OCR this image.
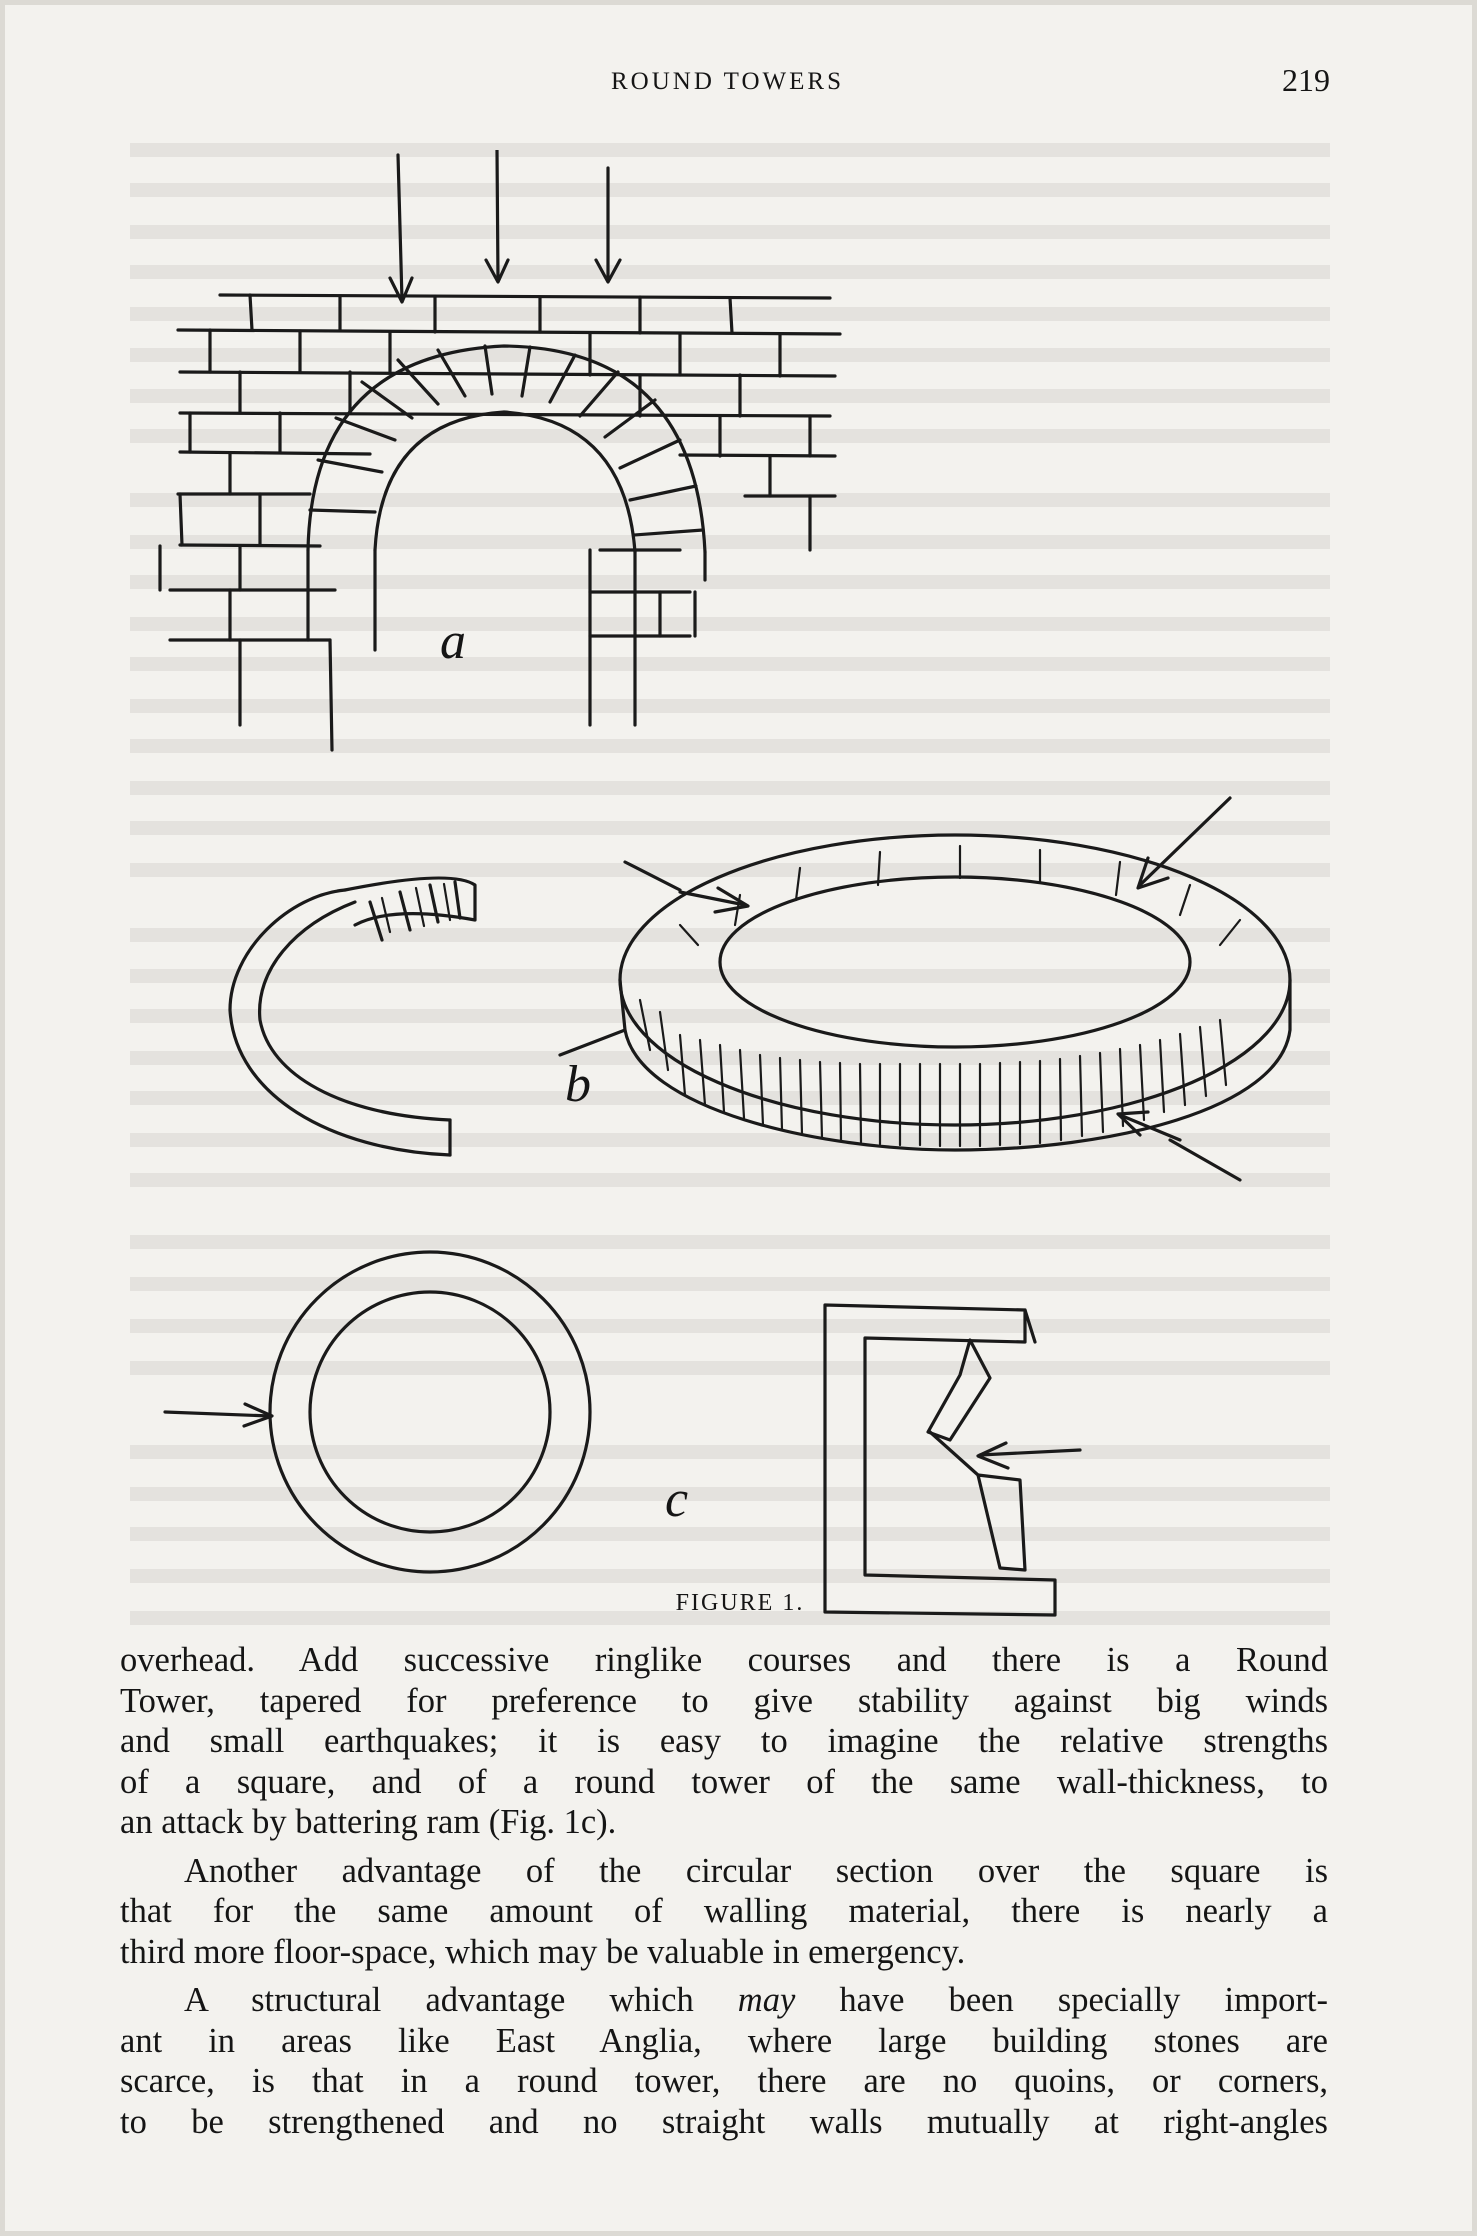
ROUND TOWERS	219
a
b
c
FIGURE 1.

overhead. Add successive ringlike courses and there is a Round
Tower, tapered for preference to give stability against big winds
and small earthquakes; it is easy to imagine the relative strengths
of a square, and of a round tower of the same wall-thickness, to
an attack by battering ram (Fig. 1c).

Another advantage of the circular section over the square is
that for the same amount of walling material, there is nearly a
third more floor-space, which may be valuable in emergency.

A structural advantage which may have been specially import-
ant in areas like East Anglia, where large building stones are
scarce, is that in a round tower, there are no quoins, or corners,
to be strengthened and no straight walls mutually at right-angles
